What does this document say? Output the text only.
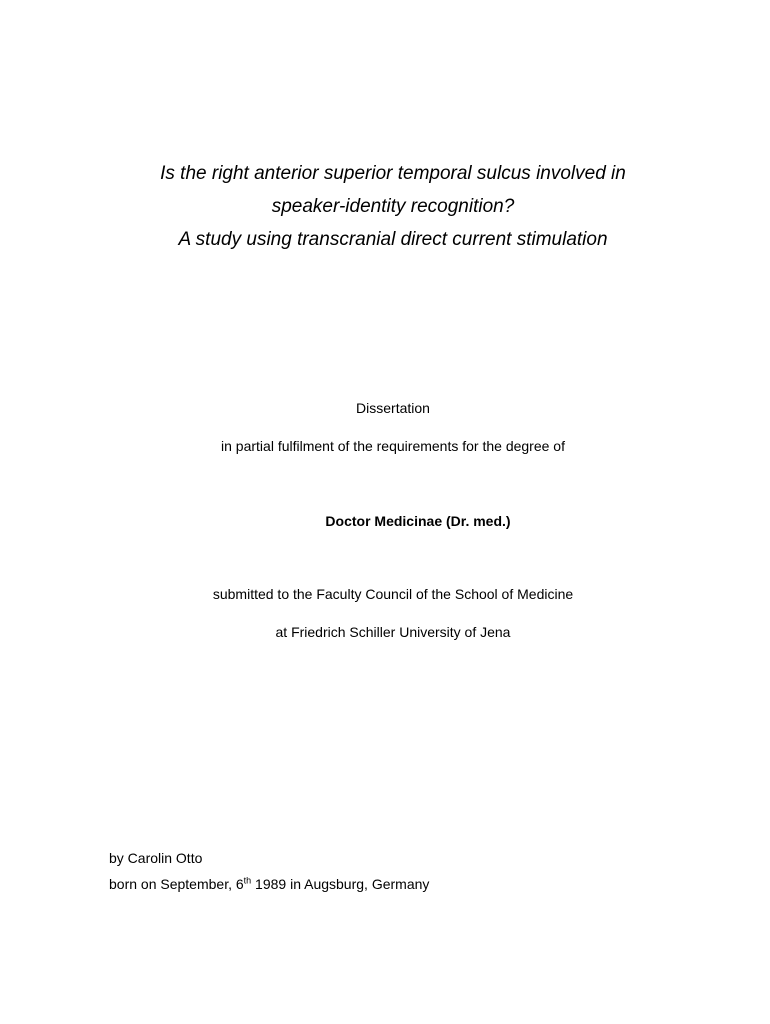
Is the right anterior superior temporal sulcus involved in
speaker-identity recognition?
A study using transcranial direct current stimulation
Dissertation
in partial fulfilment of the requirements for the degree of
Doctor Medicinae (Dr. med.)
submitted to the Faculty Council of the School of Medicine
at Friedrich Schiller University of Jena
by Carolin Otto
born on September, 6th 1989 in Augsburg, Germany
